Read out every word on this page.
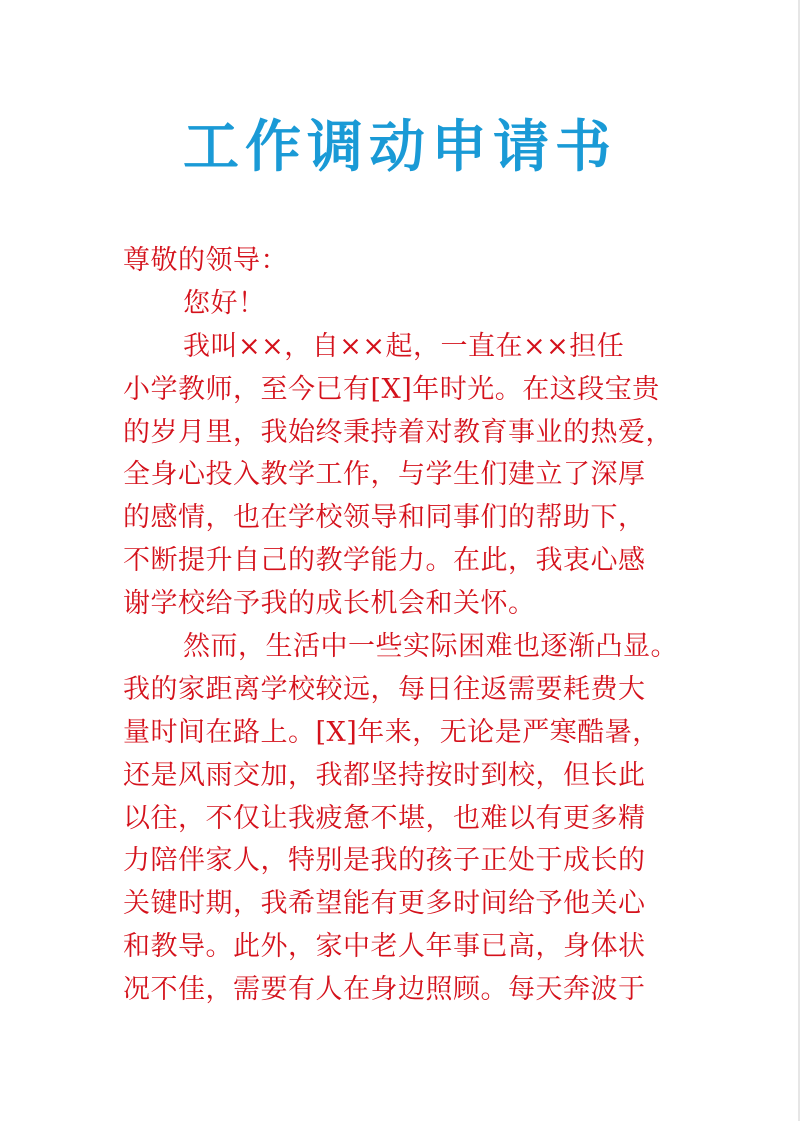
工作调动申请书
尊敬的领导：
您好！
我叫××，自××起，一直在××担任
小学教师，至今已有[X]年时光。在这段宝贵
的岁月里，我始终秉持着对教育事业的热爱，
全身心投入教学工作，与学生们建立了深厚
的感情，也在学校领导和同事们的帮助下，
不断提升自己的教学能力。在此，我衷心感
谢学校给予我的成长机会和关怀。
然而，生活中一些实际困难也逐渐凸显。
我的家距离学校较远，每日往返需要耗费大
量时间在路上。[X]年来，无论是严寒酷暑，
还是风雨交加，我都坚持按时到校，但长此
以往，不仅让我疲惫不堪，也难以有更多精
力陪伴家人，特别是我的孩子正处于成长的
关键时期，我希望能有更多时间给予他关心
和教导。此外，家中老人年事已高，身体状
况不佳，需要有人在身边照顾。每天奔波于
